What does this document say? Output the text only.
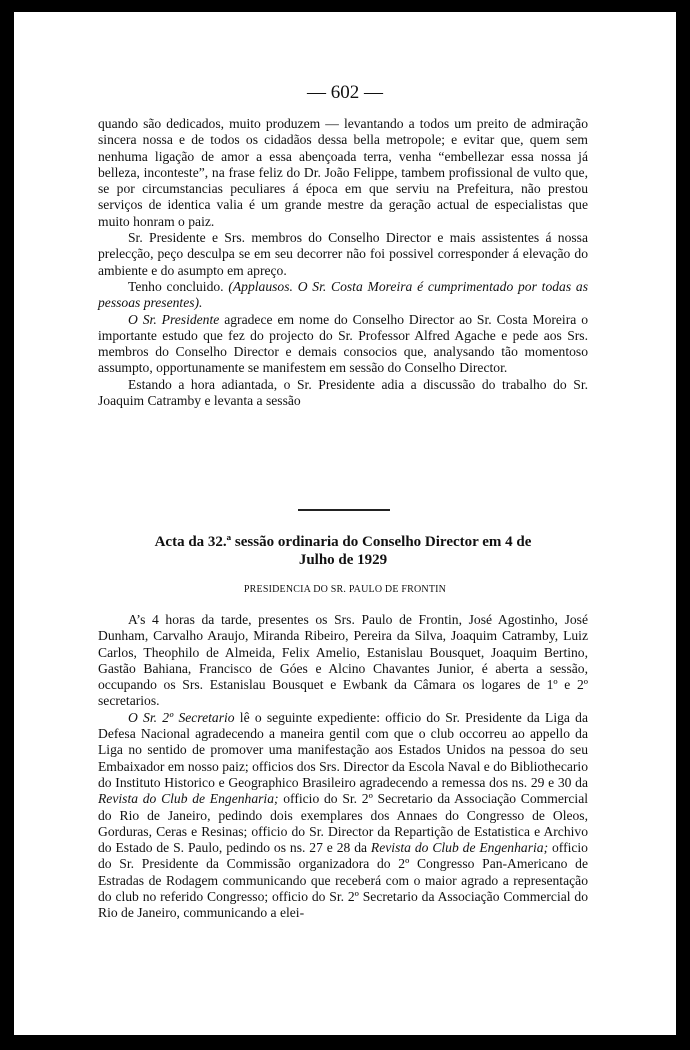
— 602 —

quando são dedicados, muito produzem — levantando a todos um preito de admiração sincera nossa e de todos os cidadãos dessa bella metropole; e evitar que, quem sem nenhuma ligação de amor a essa abençoada terra, venha “embellezar essa nossa já belleza, inconteste”, na frase feliz do Dr. João Felippe, tambem profissional de vulto que, se por circumstancias peculiares á época em que serviu na Prefeitura, não prestou serviços de identica valia é um grande mestre da geração actual de especialistas que muito honram o paiz.

Sr. Presidente e Srs. membros do Conselho Director e mais assistentes á nossa prelecção, peço desculpa se em seu decorrer não foi possivel corresponder á elevação do ambiente e do asumpto em apreço.

Tenho concluido. (Applausos. O Sr. Costa Moreira é cumprimentado por todas as pessoas presentes).

O Sr. Presidente agradece em nome do Conselho Director ao Sr. Costa Moreira o importante estudo que fez do projecto do Sr. Professor Alfred Agache e pede aos Srs. membros do Conselho Director e demais consocios que, analysando tão momentoso assumpto, opportunamente se manifestem em sessão do Conselho Director.

Estando a hora adiantada, o Sr. Presidente adia a discussão do trabalho do Sr. Joaquim Catramby e levanta a sessão

Acta da 32.ª sessão ordinaria do Conselho Director em 4 de
Julho de 1929
PRESIDENCIA DO SR. PAULO DE FRONTIN

A’s 4 horas da tarde, presentes os Srs. Paulo de Frontin, José Agostinho, José Dunham, Carvalho Araujo, Miranda Ribeiro, Pereira da Silva, Joaquim Catramby, Luiz Carlos, Theophilo de Almeida, Felix Amelio, Estanislau Bousquet, Joaquim Bertino, Gastão Bahiana, Francisco de Góes e Alcino Chavantes Junior, é aberta a sessão, occupando os Srs. Estanislau Bousquet e Ewbank da Câmara os logares de 1º e 2º secretarios.

O Sr. 2º Secretario lê o seguinte expediente: officio do Sr. Presidente da Liga da Defesa Nacional agradecendo a maneira gentil com que o club occorreu ao appello da Liga no sentido de promover uma manifestação aos Estados Unidos na pessoa do seu Embaixador em nosso paiz; officios dos Srs. Director da Escola Naval e do Bibliothecario do Instituto Historico e Geographico Brasileiro agradecendo a remessa dos ns. 29 e 30 da Revista do Club de Engenharia; officio do Sr. 2º Secretario da Associação Commercial do Rio de Janeiro, pedindo dois exemplares dos Annaes do Congresso de Oleos, Gorduras, Ceras e Resinas; officio do Sr. Director da Repartição de Estatistica e Archivo do Estado de S. Paulo, pedindo os ns. 27 e 28 da Revista do Club de Engenharia; officio do Sr. Presidente da Commissão organizadora do 2º Congresso Pan-Americano de Estradas de Rodagem communicando que receberá com o maior agrado a representação do club no referido Congresso; officio do Sr. 2º Secretario da Associação Commercial do Rio de Janeiro, communicando a elei-
